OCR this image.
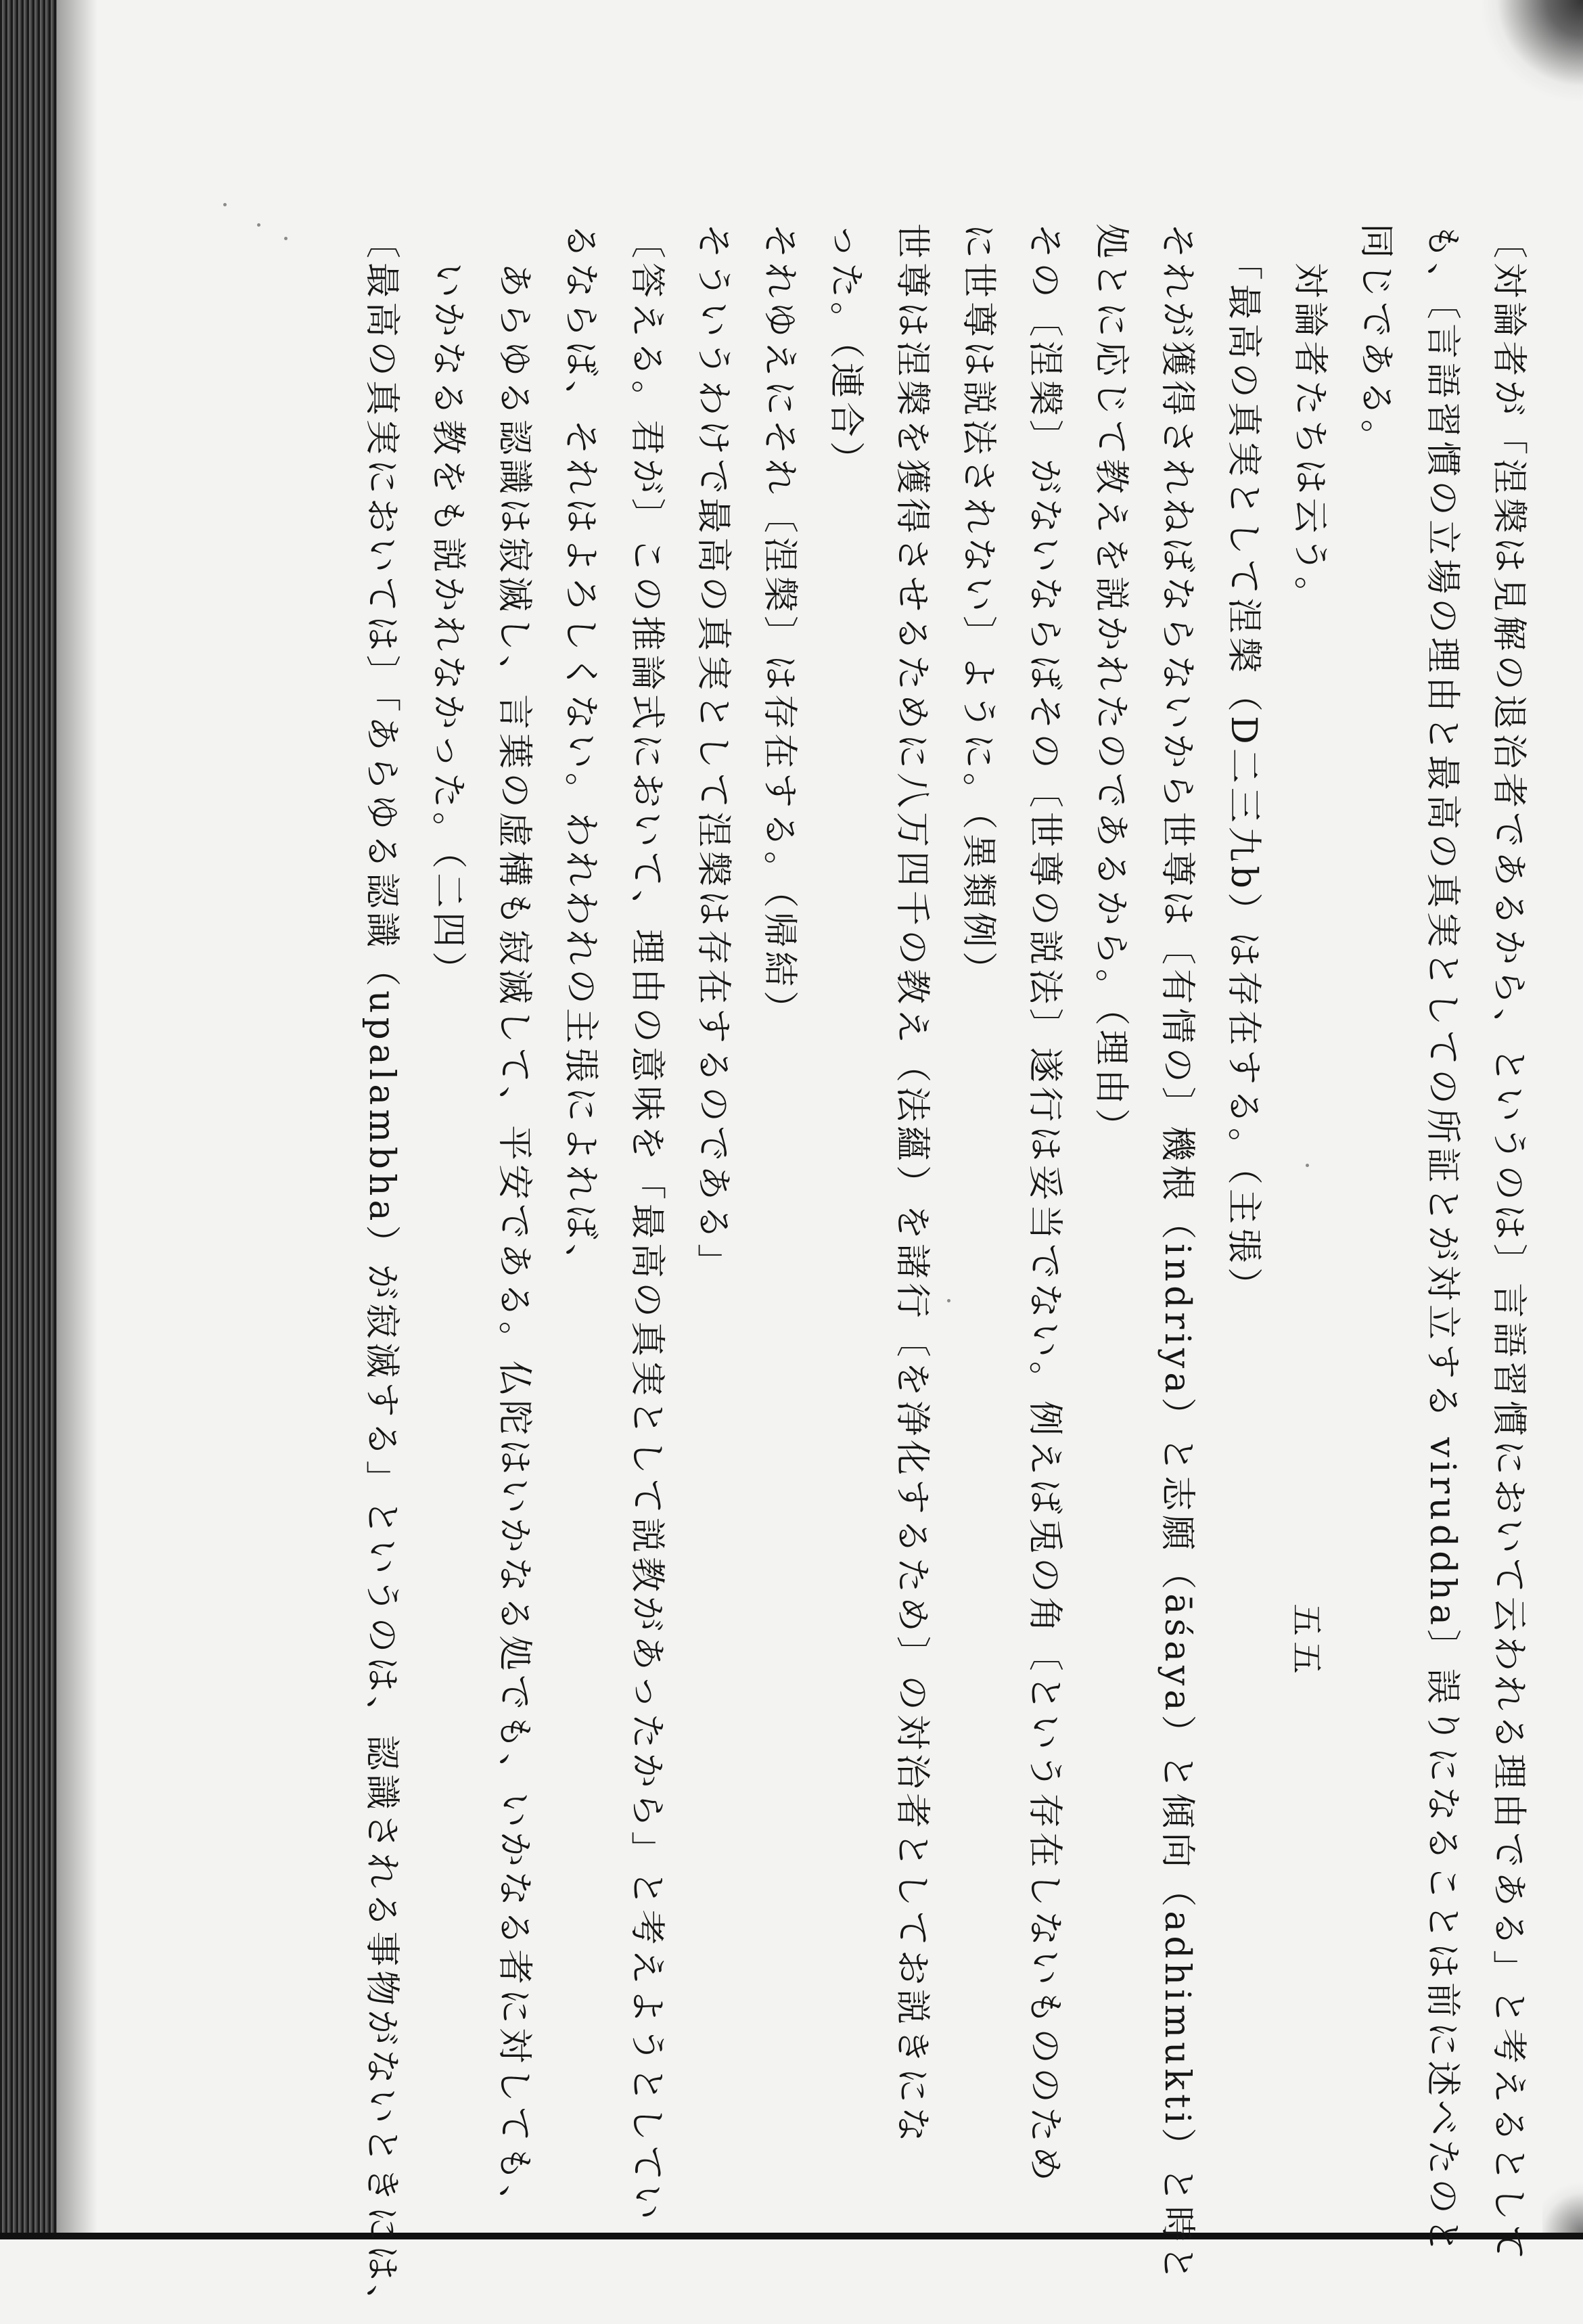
〔対論者が「涅槃は見解の退治者であるから、というのは〕言語習慣において云われる理由である」と考えるとして
も、〔言語習慣の立場の理由と最高の真実としての所証とが対立する viruddha〕誤りになることは前に述べたのと
同じである。
　対論者たちは云う。
　「最高の真実として涅槃（D二三九b）は存在する。（主張）
それが獲得されねばならないから世尊は〔有情の〕機根（indriya）と志願（āśaya）と傾向（adhimukti）と時と
処とに応じて教えを説かれたのであるから。（理由）
その〔涅槃〕がないならばその〔世尊の説法〕遂行は妥当でない。例えば兎の角〔という存在しないもののため
に世尊は説法されない〕ように。（異類例）
世尊は涅槃を獲得させるために八万四千の教え（法蘊）を諸行〔を浄化するため〕の対治者としてお説きにな
った。（連合）
それゆえにそれ〔涅槃〕は存在する。（帰結）
そういうわけで最高の真実として涅槃は存在するのである」
〔答える。君が〕この推論式において、理由の意味を「最高の真実として説教があったから」と考えようとしてい
るならば、それはよろしくない。われわれの主張によれば、
　あらゆる認識は寂滅し、言葉の虚構も寂滅して、平安である。仏陀はいかなる処でも、いかなる者に対しても、
　いかなる教をも説かれなかった。（二四）
〔最高の真実においては〕「あらゆる認識（upalambha）が寂滅する」というのは、認識される事物がないときには、	五五
